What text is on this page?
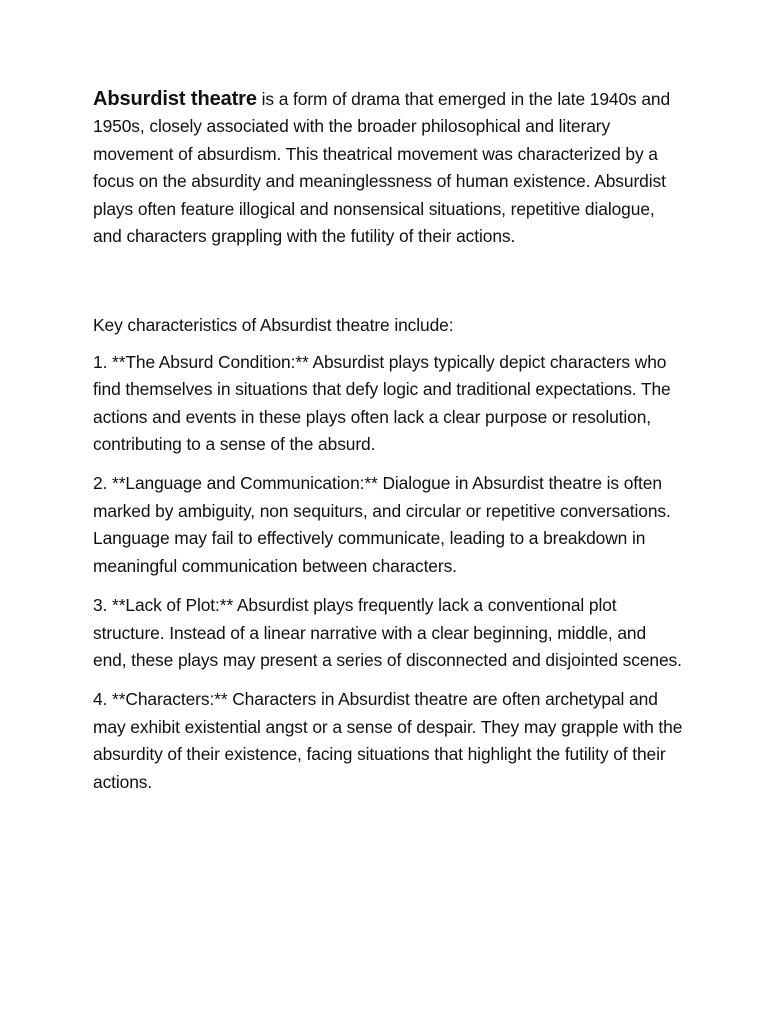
Absurdist theatre is a form of drama that emerged in the late 1940s and 1950s, closely associated with the broader philosophical and literary movement of absurdism. This theatrical movement was characterized by a focus on the absurdity and meaninglessness of human existence. Absurdist plays often feature illogical and nonsensical situations, repetitive dialogue, and characters grappling with the futility of their actions.

Key characteristics of Absurdist theatre include:

1. **The Absurd Condition:** Absurdist plays typically depict characters who find themselves in situations that defy logic and traditional expectations. The actions and events in these plays often lack a clear purpose or resolution, contributing to a sense of the absurd.

2. **Language and Communication:** Dialogue in Absurdist theatre is often marked by ambiguity, non sequiturs, and circular or repetitive conversations. Language may fail to effectively communicate, leading to a breakdown in meaningful communication between characters.

3. **Lack of Plot:** Absurdist plays frequently lack a conventional plot structure. Instead of a linear narrative with a clear beginning, middle, and end, these plays may present a series of disconnected and disjointed scenes.

4. **Characters:** Characters in Absurdist theatre are often archetypal and may exhibit existential angst or a sense of despair. They may grapple with the absurdity of their existence, facing situations that highlight the futility of their actions.
